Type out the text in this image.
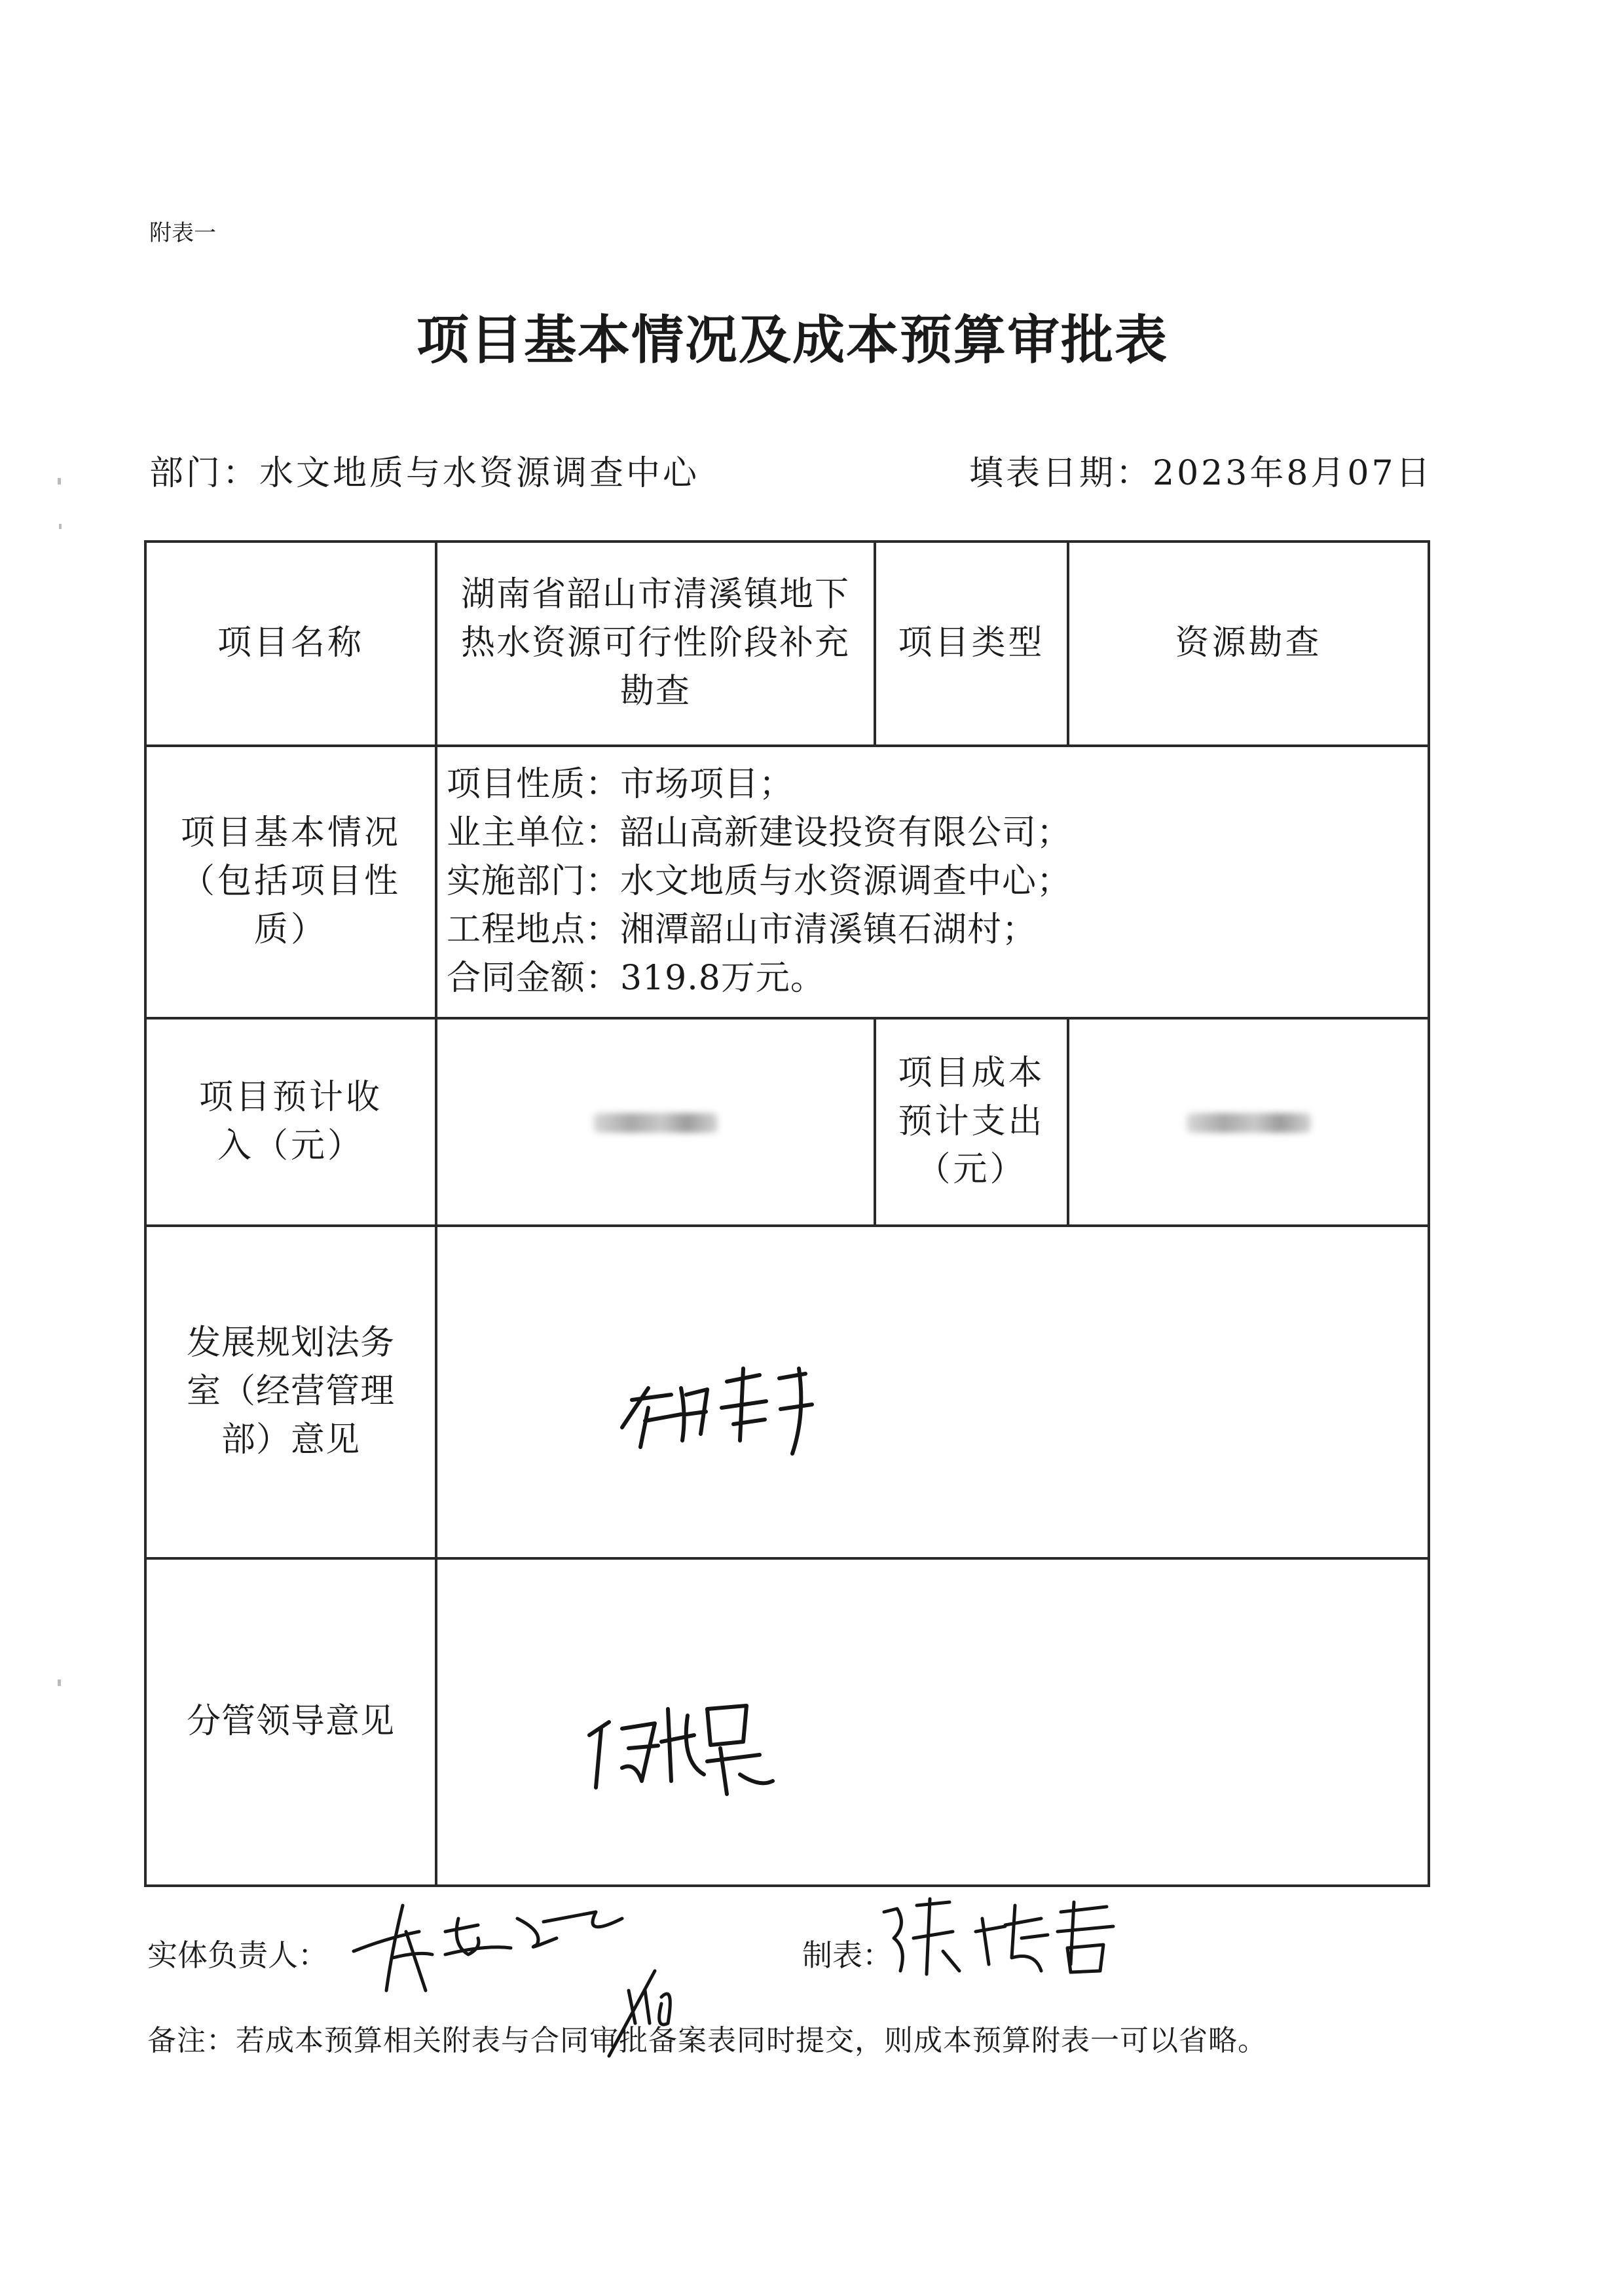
附表一
项目基本情况及成本预算审批表
部门：水文地质与水资源调查中心	填表日期：2023年8月07日
项目名称	湖南省韶山市清溪镇地下热水资源可行性阶段补充勘查	项目类型	资源勘查
项目基本情况（包括项目性质）	项目性质：市场项目；
业主单位：韶山高新建设投资有限公司；
实施部门：水文地质与水资源调查中心；
工程地点：湘潭韶山市清溪镇石湖村；
合同金额：319.8万元。		

项目预计收入（元）		项目成本预计支出（元）	
发展规划法务室（经营管理部）意见			
分管领导意见			
实体负责人：	制表：
备注：若成本预算相关附表与合同审批备案表同时提交，则成本预算附表一可以省略。
